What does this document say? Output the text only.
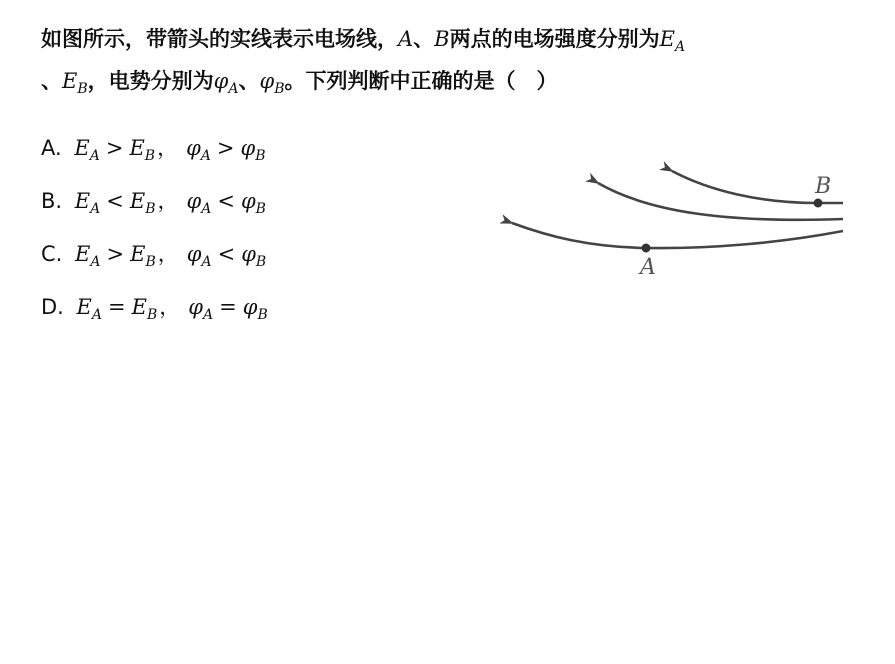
如图所示，带箭头的实线表示电场线，A、B两点的电场强度分别为$E_A$
、$E_B$，电势分别为$\varphi_A$、$\varphi_B$。下列判断中正确的是（　）
A. $E_A > E_B$， $\varphi_A > \varphi_B$
B. $E_A < E_B$， $\varphi_A < \varphi_B$
C. $E_A > E_B$， $\varphi_A < \varphi_B$
D. $E_A = E_B$， $\varphi_A = \varphi_B$
B
A
